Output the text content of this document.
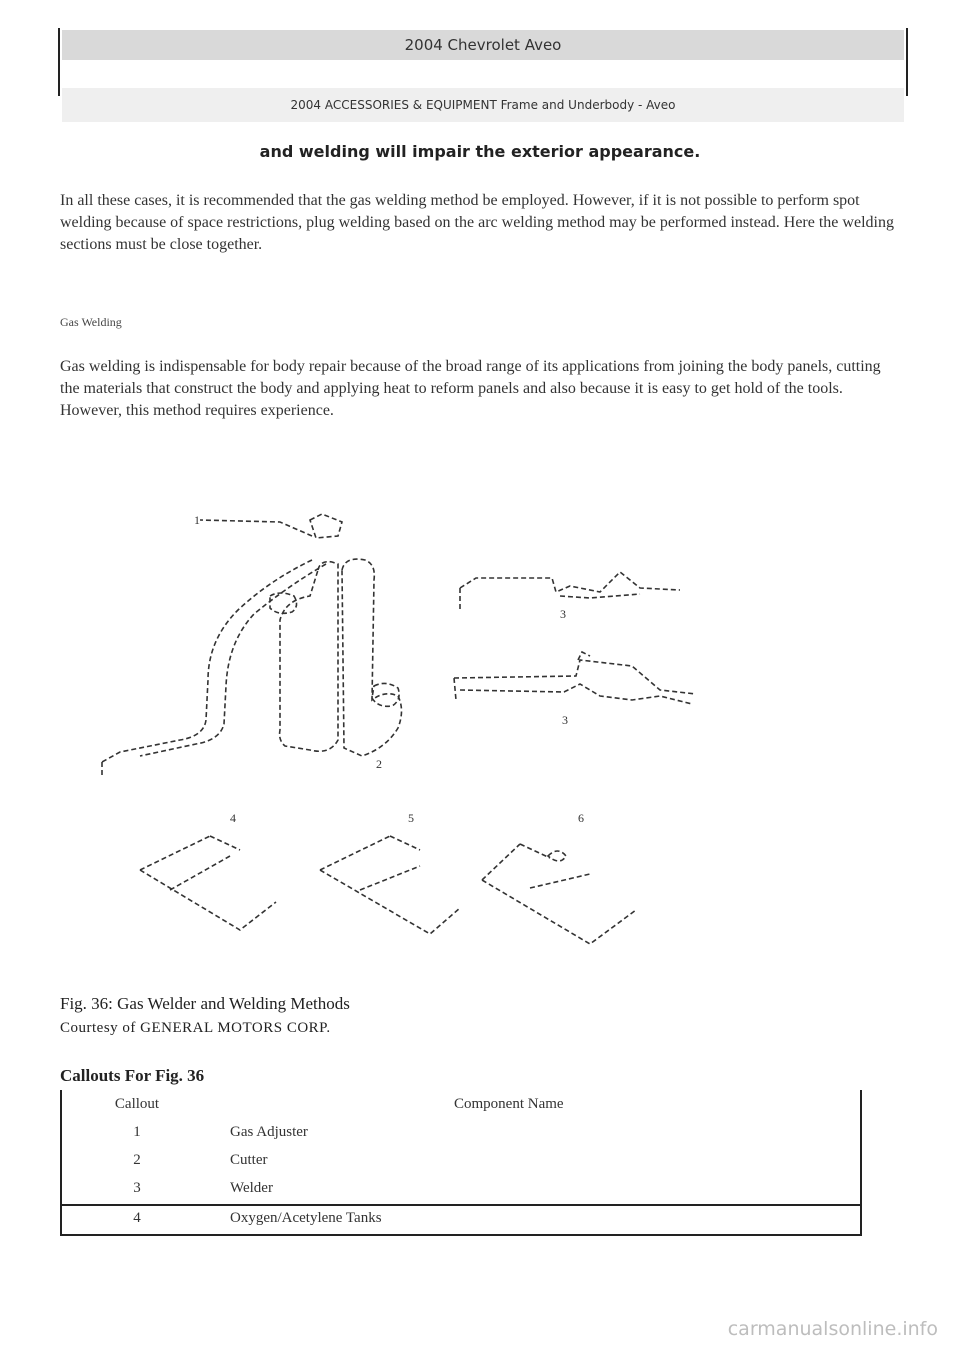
2004 Chevrolet Aveo
2004 ACCESSORIES & EQUIPMENT Frame and Underbody - Aveo
and welding will impair the exterior appearance.
In all these cases, it is recommended that the gas welding method be employed. However, if it is not possible to perform spot welding because of space restrictions, plug welding based on the arc welding method may be performed instead. Here the welding sections must be close together.
Gas Welding
Gas welding is indispensable for body repair because of the broad range of its applications from joining the body panels, cutting the materials that construct the body and applying heat to reform panels and also because it is easy to get hold of the tools. However, this method requires experience.
1
2
3
3
4	5	6
Fig. 36: Gas Welder and Welding Methods
Courtesy of GENERAL MOTORS CORP.
Callouts For Fig. 36
Callout	Component Name
1	Gas Adjuster
2	Cutter
3	Welder
4	Oxygen/Acetylene Tanks
carmanualsonline.info
